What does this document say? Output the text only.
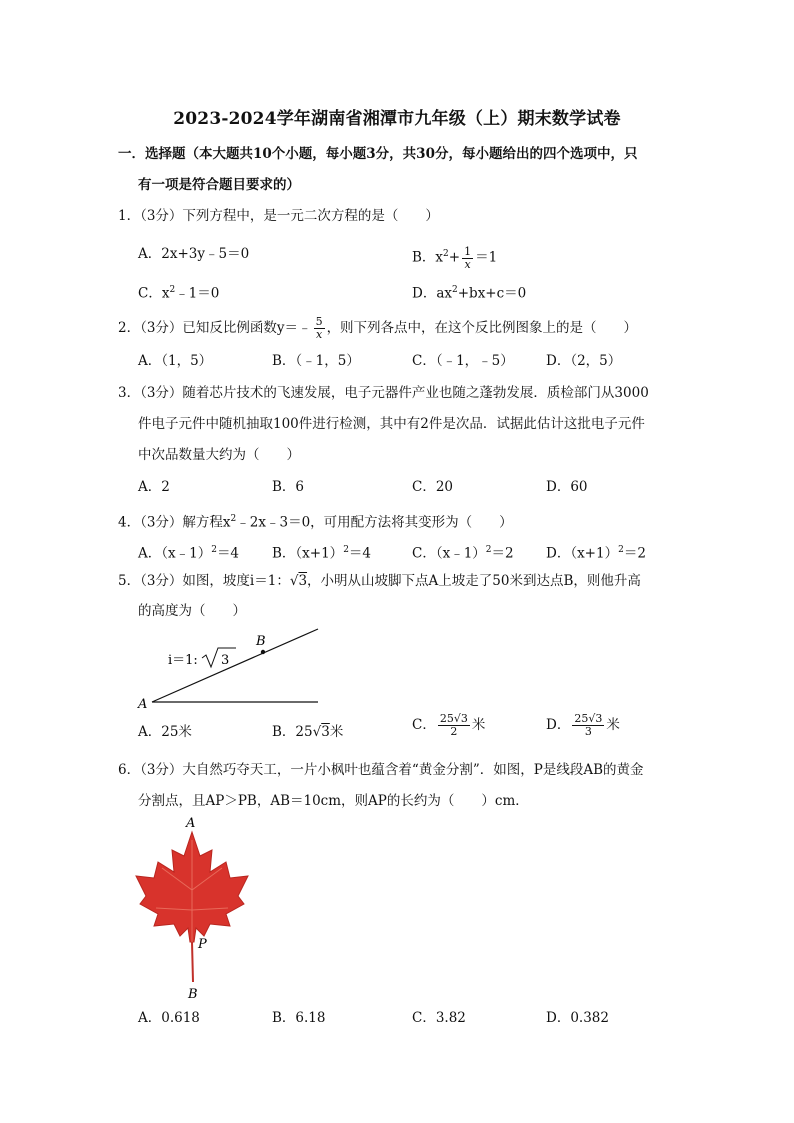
2023-2024学年湖南省湘潭市九年级（上）期末数学试卷
一．选择题（本大题共10个小题，每小题3分，共30分，每小题给出的四个选项中，只
有一项是符合题目要求的）
1．（3分）下列方程中，是一元二次方程的是（　　）
A．2x+3y﹣5＝0	B．$x^2+ \frac{1}{x} =1$
C．$x^2﹣1=0$	D．$ax^2+bx+c=0$
2．（3分）已知反比例函数y＝﹣ $\frac{5}{x}$ ，则下列各点中，在这个反比例图象上的是（　　）
A．（1，5）	B．（﹣1，5）	C．（﹣1，﹣5） D．（2，5）
3．（3分）随着芯片技术的飞速发展，电子元器件产业也随之蓬勃发展．质检部门从3000
件电子元件中随机抽取100件进行检测，其中有2件是次品．试据此估计这批电子元件
中次品数量大约为（　　）
A．2	B．6	C．20	D．60
4．（3分）解方程$x^2﹣2x﹣3=0$，可用配方法将其变形为（　　）
A．（x﹣1）$^2$＝4 B．$(x+1)^2=4$	C．（x﹣1）$^2$＝2 D．$(x+1)^2=2$
5．（3分）如图，坡度i＝1：√3，小明从山坡脚下点A上坡走了50米到达点B，则他升高
的高度为（　　）
B
A
i＝1: 3
A．25米	B．25√3米	C． $\frac{25√3}{2}$ 米	D． $\frac{25√3}{3}$ 米
6．（3分）大自然巧夺天工，一片小枫叶也蕴含着“黄金分割”．如图，P是线段AB的黄金
分割点，且AP＞PB，AB＝10cm，则AP的长约为（　　）cm．
A
P
B
A．0.618	B．6.18	C．3.82	D．0.382
